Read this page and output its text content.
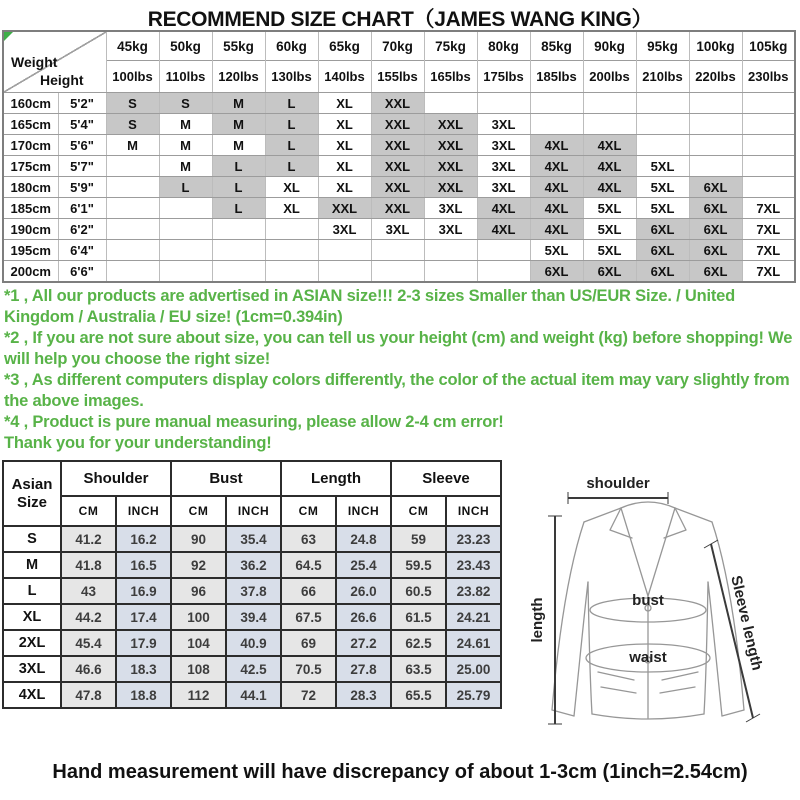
RECOMMEND SIZE CHART（JAMES WANG KING）
Weight
Height		45kg	50kg	55kg	60kg	65kg	70kg	75kg	80kg	85kg	90kg	95kg	100kg	105kg
		100lbs	110lbs	120lbs	130lbs	140lbs	155lbs	165lbs	175lbs	185lbs	200lbs	210lbs	220lbs	230lbs
160cm	5'2"	S	S	M	L	XL	XXL							
165cm	5'4"	S	M	M	L	XL	XXL	XXL	3XL					
170cm	5'6"	M	M	M	L	XL	XXL	XXL	3XL	4XL	4XL			
175cm	5'7"		M	L	L	XL	XXL	XXL	3XL	4XL	4XL	5XL		
180cm	5'9"		L	L	XL	XL	XXL	XXL	3XL	4XL	4XL	5XL	6XL	
185cm	6'1"			L	XL	XXL	XXL	3XL	4XL	4XL	5XL	5XL	6XL	7XL
190cm	6'2"					3XL	3XL	3XL	4XL	4XL	5XL	6XL	6XL	7XL
195cm	6'4"									5XL	5XL	6XL	6XL	7XL
200cm	6'6"									6XL	6XL	6XL	6XL	7XL

*1 , All our products are advertised in ASIAN size!!! 2-3 sizes Smaller than US/EUR Size. / United Kingdom / Australia / EU size! (1cm=0.394in)

*2 , If you are not sure about size, you can tell us your height (cm) and weight (kg) before shopping! We will help you choose the right size!

*3 , As different computers display colors differently, the color of the actual item may vary slightly from the above images.

*4 , Product is pure manual measuring, please allow 2-4 cm error!

Thank you for your understanding!

Asian
Size	Shoulder		Bust		Length		Sleeve	
	CM	INCH	CM	INCH	CM	INCH	CM	INCH
S	41.2	16.2	90	35.4	63	24.8	59	23.23
M	41.8	16.5	92	36.2	64.5	25.4	59.5	23.43
L	43	16.9	96	37.8	66	26.0	60.5	23.82
XL	44.2	17.4	100	39.4	67.5	26.6	61.5	24.21
2XL	45.4	17.9	104	40.9	69	27.2	62.5	24.61
3XL	46.6	18.3	108	42.5	70.5	27.8	63.5	25.00
4XL	47.8	18.8	112	44.1	72	28.3	65.5	25.79
shoulder
length	Sleeve length
bust
waist
Hand measurement will have discrepancy of about 1-3cm (1inch=2.54cm)
